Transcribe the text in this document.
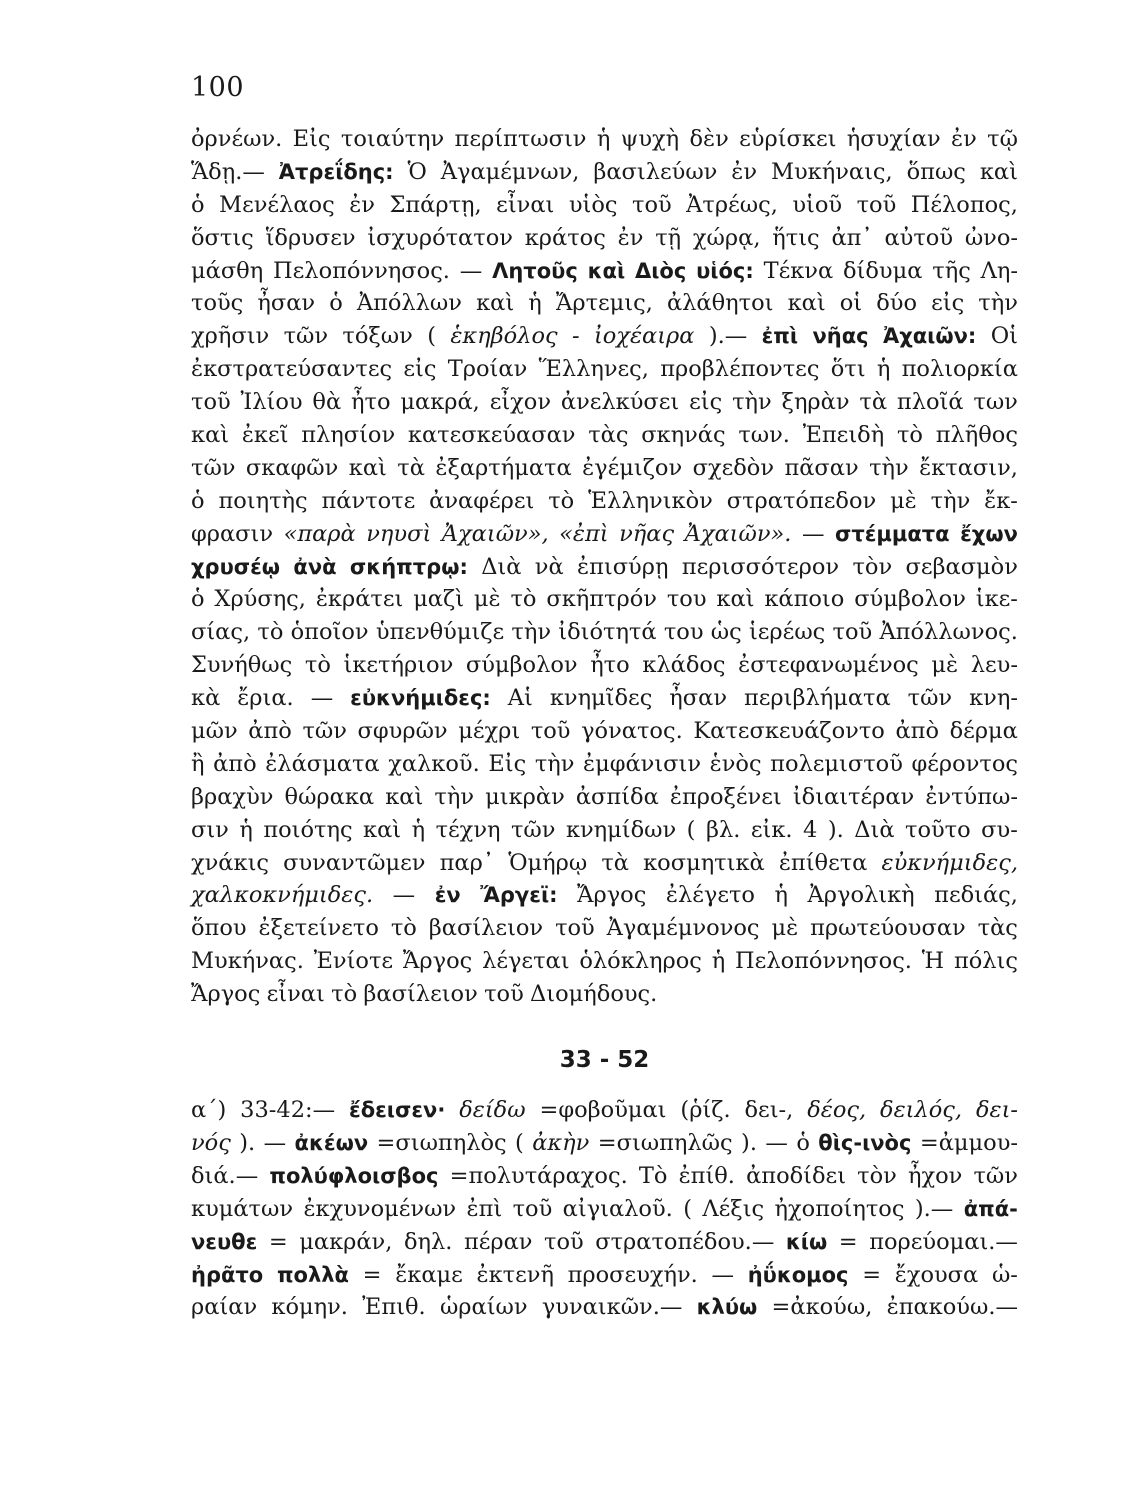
100
ὀρνέων. Εἰς τοιαύτην περίπτωσιν ἡ ψυχὴ δὲν εὑρίσκει ἡσυχίαν ἐν τῷ
Ἅδῃ.— Ἀτρεΐδης: Ὁ Ἀγαμέμνων, βασιλεύων ἐν Μυκήναις, ὅπως καὶ
ὁ Μενέλαος ἐν Σπάρτῃ, εἶναι υἱὸς τοῦ Ἀτρέως, υἱοῦ τοῦ Πέλοπος,
ὅστις ἵδρυσεν ἰσχυρότατον κράτος ἐν τῇ χώρᾳ, ἥτις ἀπ᾽ αὐτοῦ ὠνο-
μάσθη Πελοπόννησος. — Λητοῦς καὶ Διὸς υἱός: Τέκνα δίδυμα τῆς Λη-
τοῦς ἦσαν ὁ Ἀπόλλων καὶ ἡ Ἄρτεμις, ἀλάθητοι καὶ οἱ δύο εἰς τὴν
χρῆσιν τῶν τόξων ( ἑκηβόλος - ἰοχέαιρα ).— ἐπὶ νῆας Ἀχαιῶν: Οἱ
ἐκστρατεύσαντες εἰς Τροίαν Ἕλληνες, προβλέποντες ὅτι ἡ πολιορκία
τοῦ Ἰλίου θὰ ἦτο μακρά, εἶχον ἀνελκύσει εἰς τὴν ξηρὰν τὰ πλοῖά των
καὶ ἐκεῖ πλησίον κατεσκεύασαν τὰς σκηνάς των. Ἐπειδὴ τὸ πλῆθος
τῶν σκαφῶν καὶ τὰ ἐξαρτήματα ἐγέμιζον σχεδὸν πᾶσαν τὴν ἔκτασιν,
ὁ ποιητὴς πάντοτε ἀναφέρει τὸ Ἑλληνικὸν στρατόπεδον μὲ τὴν ἔκ-
φρασιν «παρὰ νηυσὶ Ἀχαιῶν», «ἐπὶ νῆας Ἀχαιῶν». — στέμματα ἔχων
χρυσέῳ ἀνὰ σκήπτρῳ: Διὰ νὰ ἐπισύρῃ περισσότερον τὸν σεβασμὸν
ὁ Χρύσης, ἐκράτει μαζὶ μὲ τὸ σκῆπτρόν του καὶ κάποιο σύμβολον ἱκε-
σίας, τὸ ὁποῖον ὑπενθύμιζε τὴν ἰδιότητά του ὡς ἱερέως τοῦ Ἀπόλλωνος.
Συνήθως τὸ ἱκετήριον σύμβολον ἦτο κλάδος ἐστεφανωμένος μὲ λευ-
κὰ ἔρια. — εὐκνήμιδες: Αἱ κνημῖδες ἦσαν περιβλήματα τῶν κνη-
μῶν ἀπὸ τῶν σφυρῶν μέχρι τοῦ γόνατος. Κατεσκευάζοντο ἀπὸ δέρμα
ἢ ἀπὸ ἐλάσματα χαλκοῦ. Εἰς τὴν ἐμφάνισιν ἑνὸς πολεμιστοῦ φέροντος
βραχὺν θώρακα καὶ τὴν μικρὰν ἀσπίδα ἐπροξένει ἰδιαιτέραν ἐντύπω-
σιν ἡ ποιότης καὶ ἡ τέχνη τῶν κνημίδων ( βλ. εἰκ. 4 ). Διὰ τοῦτο συ-
χνάκις συναντῶμεν παρ᾽ Ὁμήρῳ τὰ κοσμητικὰ ἐπίθετα εὐκνήμιδες,
χαλκοκνήμιδες. — ἐν Ἄργεϊ: Ἄργος ἐλέγετο ἡ Ἀργολικὴ πεδιάς,
ὅπου ἐξετείνετο τὸ βασίλειον τοῦ Ἀγαμέμνονος μὲ πρωτεύουσαν τὰς
Μυκήνας. Ἐνίοτε Ἄργος λέγεται ὁλόκληρος ἡ Πελοπόννησος. Ἡ πόλις
Ἄργος εἶναι τὸ βασίλειον τοῦ Διομήδους.
33 - 52
α´) 33-42:— ἔδεισεν· δείδω =φοβοῦμαι (ῥίζ. δει-, δέος, δειλός, δει-
νός ). — ἀκέων =σιωπηλὸς ( ἀκὴν =σιωπηλῶς ). — ὁ θὶς-ινὸς =ἀμμου-
διά.— πολύφλοισβος =πολυτάραχος. Τὸ ἐπίθ. ἀποδίδει τὸν ἦχον τῶν
κυμάτων ἐκχυνομένων ἐπὶ τοῦ αἰγιαλοῦ. ( Λέξις ἠχοποίητος ).— ἀπά-
νευθε = μακράν, δηλ. πέραν τοῦ στρατοπέδου.— κίω = πορεύομαι.—
ἠρᾶτο πολλὰ = ἔκαμε ἐκτενῆ προσευχήν. — ἠΰκομος = ἔχουσα ὡ-
ραίαν κόμην. Ἐπιθ. ὡραίων γυναικῶν.— κλύω =ἀκούω, ἐπακούω.—
